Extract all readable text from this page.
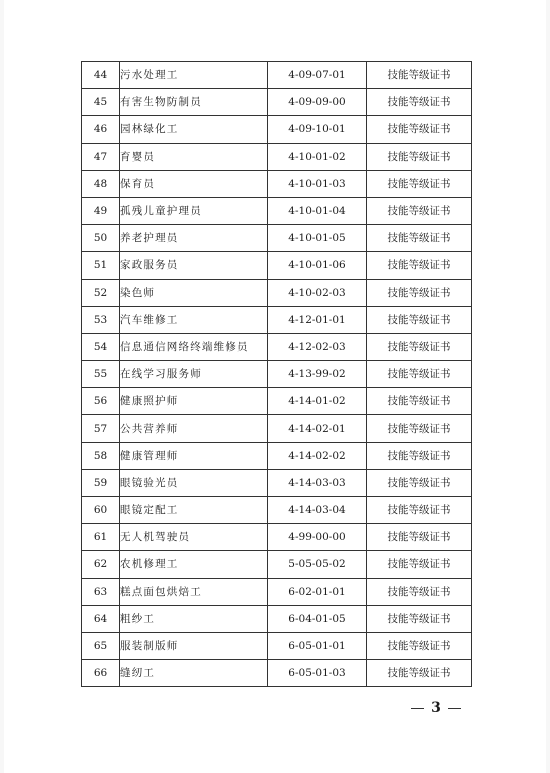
44	污水处理工	4-09-07-01	技能等级证书
45	有害生物防制员	4-09-09-00	技能等级证书
46	园林绿化工	4-09-10-01	技能等级证书
47	育婴员	4-10-01-02	技能等级证书
48	保育员	4-10-01-03	技能等级证书
49	孤残儿童护理员	4-10-01-04	技能等级证书
50	养老护理员	4-10-01-05	技能等级证书
51	家政服务员	4-10-01-06	技能等级证书
52	染色师	4-10-02-03	技能等级证书
53	汽车维修工	4-12-01-01	技能等级证书
54	信息通信网络终端维修员	4-12-02-03	技能等级证书
55	在线学习服务师	4-13-99-02	技能等级证书
56	健康照护师	4-14-01-02	技能等级证书
57	公共营养师	4-14-02-01	技能等级证书
58	健康管理师	4-14-02-02	技能等级证书
59	眼镜验光员	4-14-03-03	技能等级证书
60	眼镜定配工	4-14-03-04	技能等级证书
61	无人机驾驶员	4-99-00-00	技能等级证书
62	农机修理工	5-05-05-02	技能等级证书
63	糕点面包烘焙工	6-02-01-01	技能等级证书
64	粗纱工	6-04-01-05	技能等级证书
65	服装制版师	6-05-01-01	技能等级证书
66	缝纫工	6-05-01-03	技能等级证书
3
